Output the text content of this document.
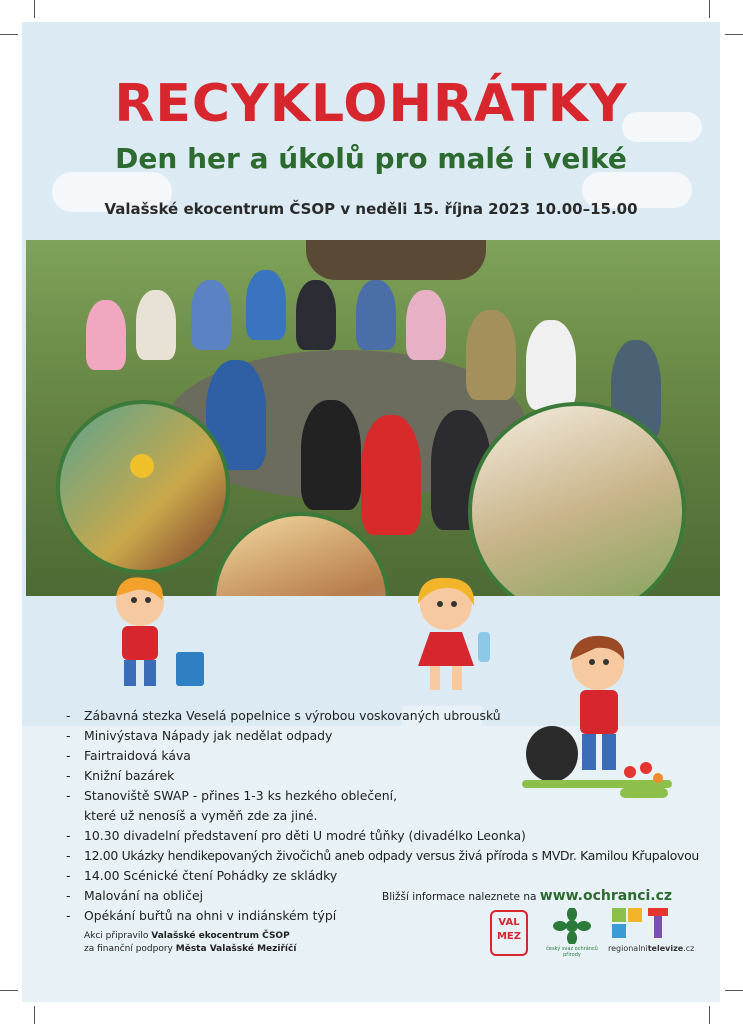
RECYKLOHRÁTKY
Den her a úkolů pro malé i velké
Valašské ekocentrum ČSOP v neděli 15. října 2023 10.00–15.00
- Zábavná stezka Veselá popelnice s výrobou voskovaných ubrousků
- Minivýstava Nápady jak nedělat odpady
- Fairtraidová káva
- Knižní bazárek
- Stanoviště SWAP - přines 1-3 ks hezkého oblečení,
které už nenosíš a vyměň zde za jiné.
- 10.30 divadelní představení pro děti U modré tůňky (divadélko Leonka)
- 12.00 Ukázky hendikepovaných živočichů aneb odpady versus živá příroda s MVDr. Kamilou Křupalovou
- 14.00 Scénické čtení Pohádky ze skládky
- Malování na obličej
- Opékání buřtů na ohni v indiánském týpí
Bližší informace naleznete na www.ochranci.cz
Akci připravilo Valašské ekocentrum ČSOP
za finanční podpory Města Valašské Meziříčí
VAL MEZ
český svaz ochránců přírody
regionalnitelevize.cz
